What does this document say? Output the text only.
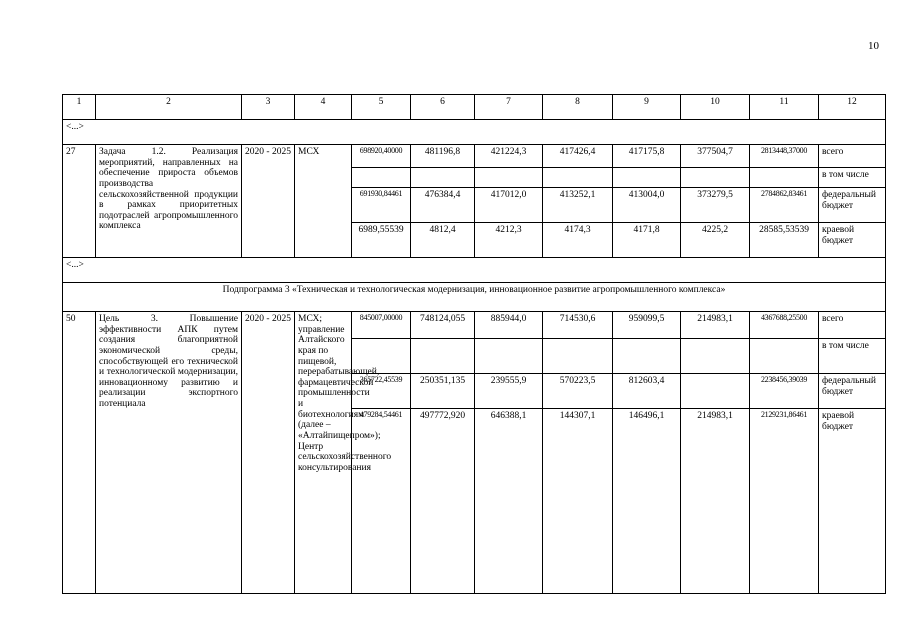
10
1	2	3	4	5	6	7	8	9	10	11	12
<...>											
27	Задача 1.2. Реализация мероприятий, направленных на обеспечение прироста объемов производства сельскохозяйственной продукции в рамках приоритетных подотраслей агропромышленного комплекса	2020 - 2025	МСХ	698920,40000	481196,8	421224,3	417426,4	417175,8	377504,7	2813448,37000	всего
											в том числе
				691930,84461	476384,4	417012,0	413252,1	413004,0	373279,5	2784862,83461	федеральный бюджет
				6989,55539	4812,4	4212,3	4174,3	4171,8	4225,2	28585,53539	краевой бюджет
<...>											
Подпрограмма 3 «Техническая и технологическая модернизация, инновационное развитие агропромышленного комплекса»											
50	Цель 3. Повышение эффективности АПК путем создания благоприятной экономической среды, способствующей его технической и технологической модернизации, инновационному развитию и реализации экспортного потенциала	2020 - 2025	МСХ; управление Алтайского края по пищевой, перерабатывающей, фармацевтической промышленности и биотехнологиям (далее – «Алтайпищепром»); Центр сельскохозяйственного консультирования	845007,00000	748124,055	885944,0	714530,6	959099,5	214983,1	4367688,25500	всего
											в том числе
				365722,45539	250351,135	239555,9	570223,5	812603,4		2238456,39039	федеральный бюджет
				479284,54461	497772,920	646388,1	144307,1	146496,1	214983,1	2129231,86461	краевой бюджет
